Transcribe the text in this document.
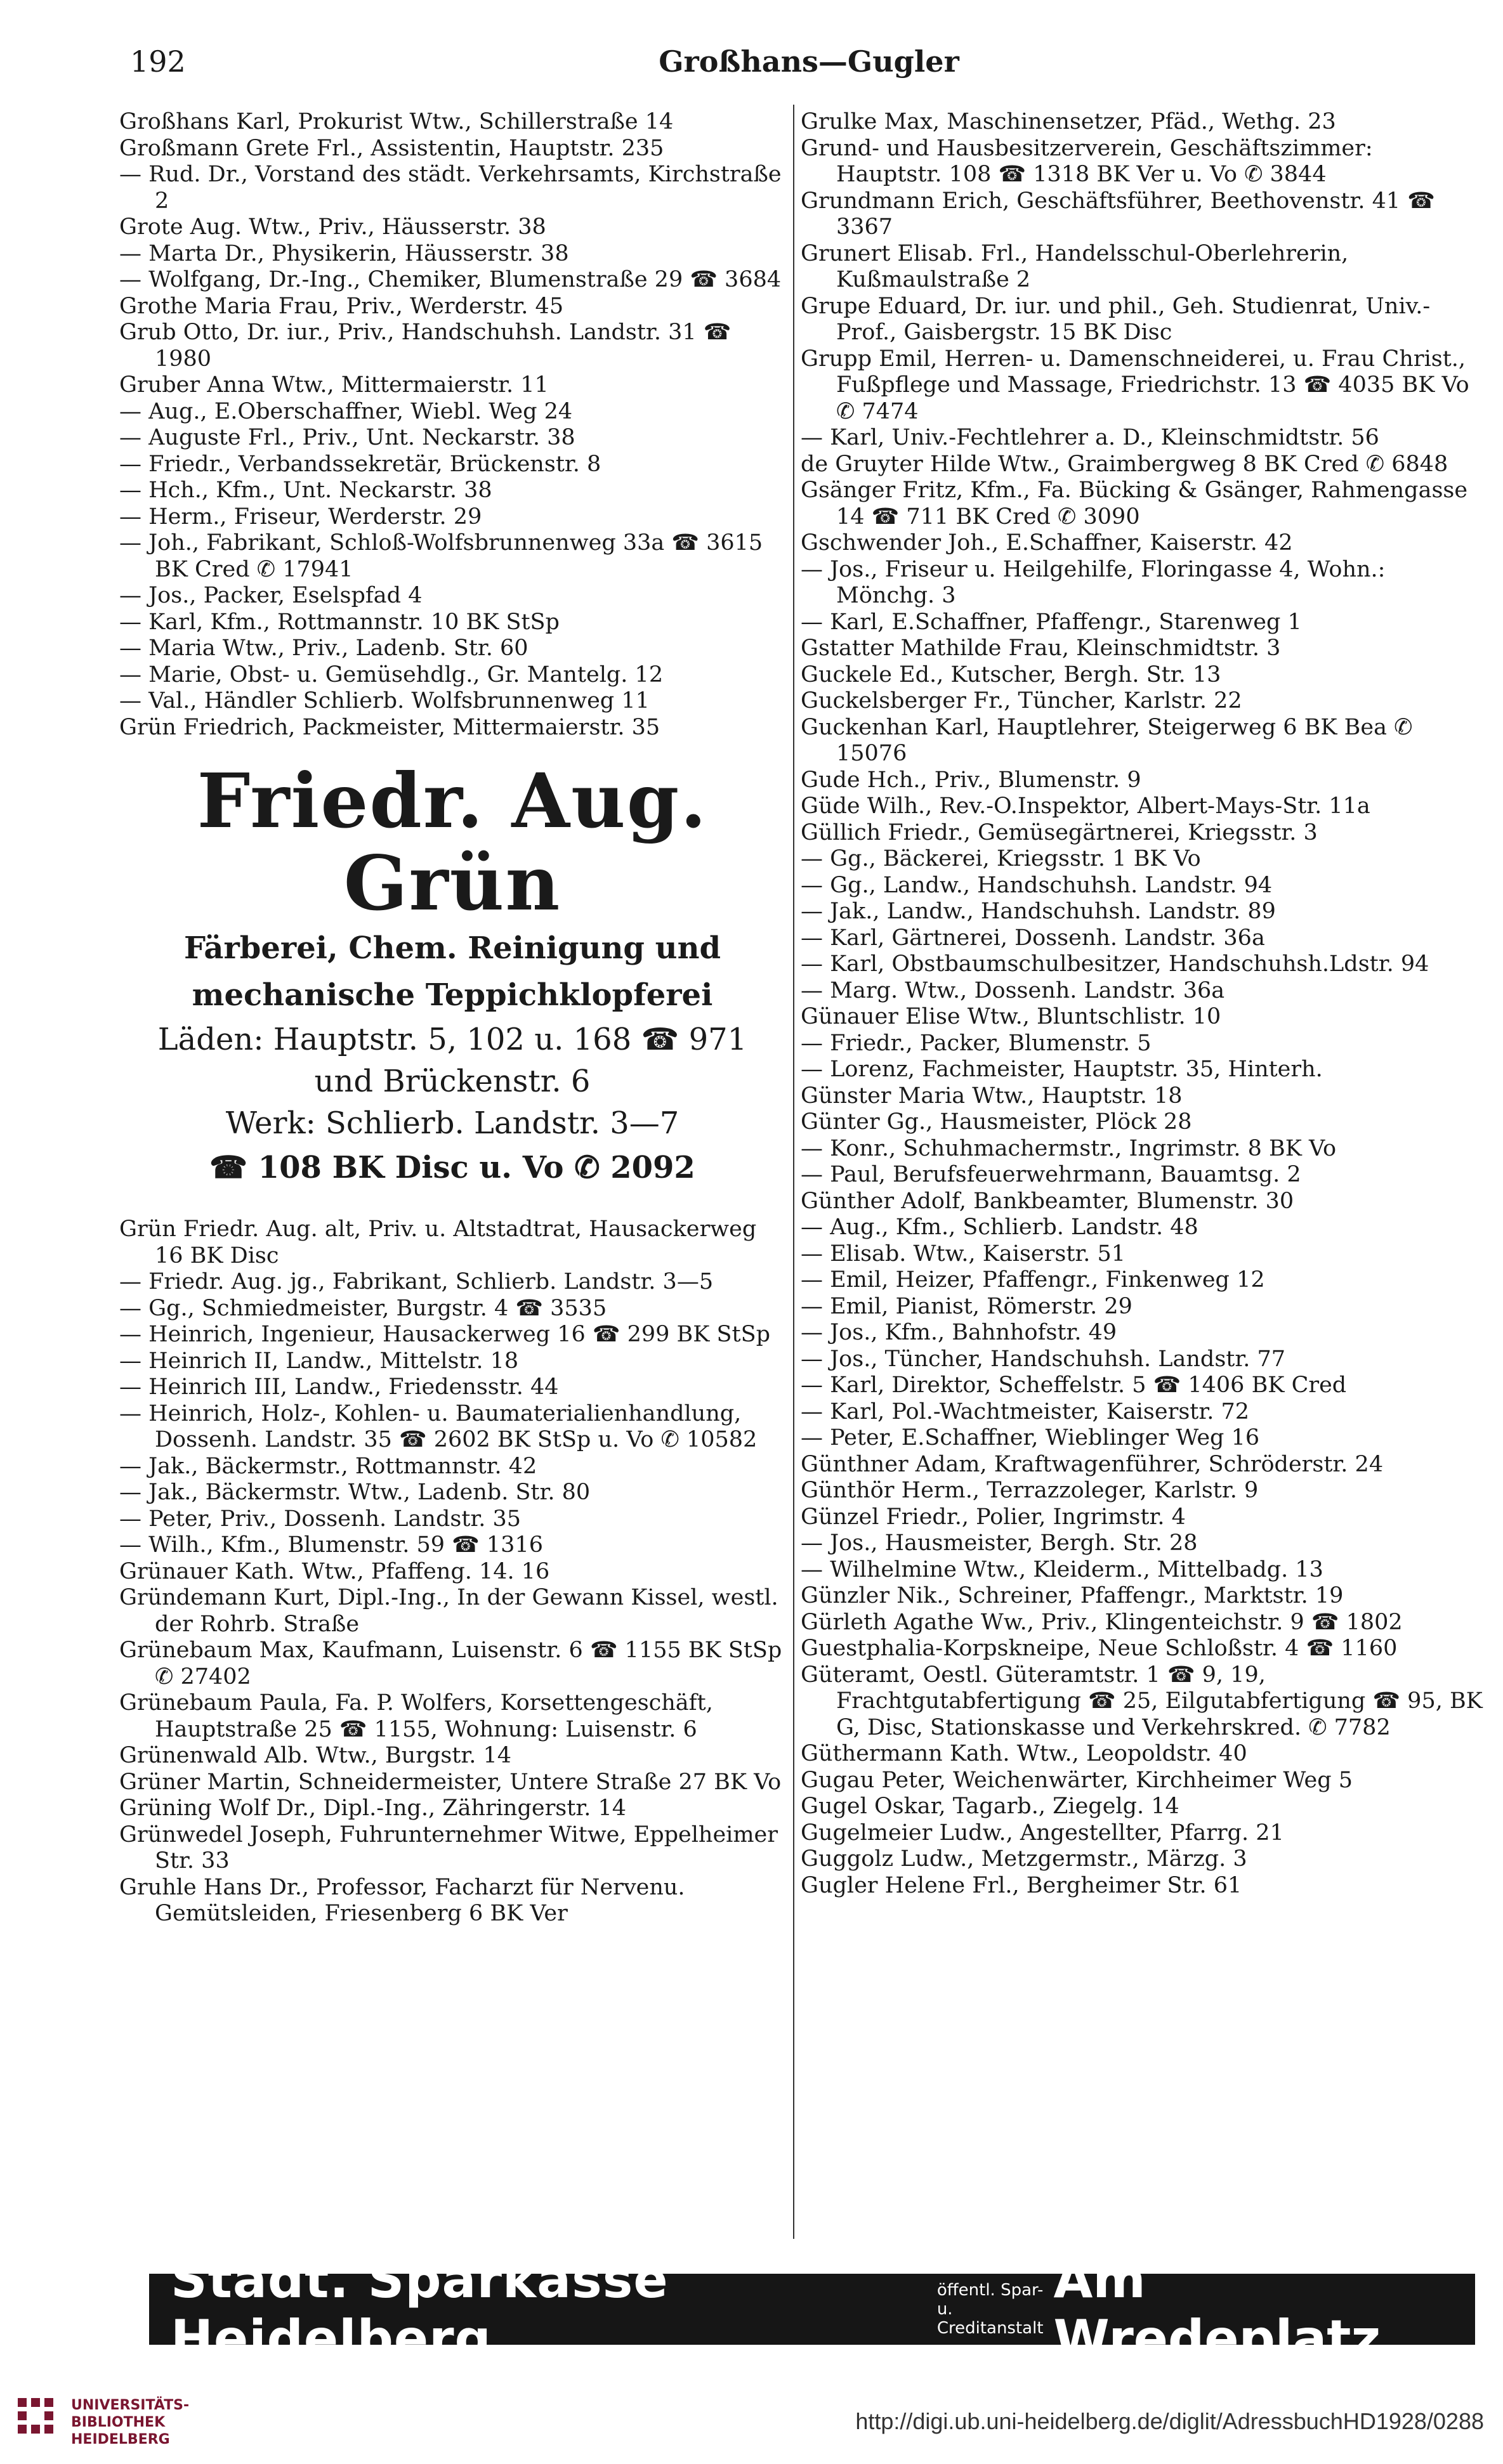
192	Großhans—Gugler
Großhans Karl, Prokurist Wtw., Schillerstraße 14
Großmann Grete Frl., Assistentin, Hauptstr. 235
— Rud. Dr., Vorstand des städt. Verkehrsamts, Kirchstraße 2
Grote Aug. Wtw., Priv., Häusserstr. 38
— Marta Dr., Physikerin, Häusserstr. 38
— Wolfgang, Dr.-Ing., Chemiker, Blumenstraße 29 ☎ 3684
Grothe Maria Frau, Priv., Werderstr. 45
Grub Otto, Dr. iur., Priv., Handschuhsh. Landstr. 31 ☎ 1980
Gruber Anna Wtw., Mittermaierstr. 11
— Aug., E.Oberschaffner, Wiebl. Weg 24
— Auguste Frl., Priv., Unt. Neckarstr. 38
— Friedr., Verbandssekretär, Brückenstr. 8
— Hch., Kfm., Unt. Neckarstr. 38
— Herm., Friseur, Werderstr. 29
— Joh., Fabrikant, Schloß-Wolfsbrunnenweg 33a ☎ 3615 BK Cred ✆ 17941
— Jos., Packer, Eselspfad 4
— Karl, Kfm., Rottmannstr. 10 BK StSp
— Maria Wtw., Priv., Ladenb. Str. 60
— Marie, Obst- u. Gemüsehdlg., Gr. Mantelg. 12
— Val., Händler Schlierb. Wolfsbrunnenweg 11
Grün Friedrich, Packmeister, Mittermaierstr. 35
Friedr. Aug. Grün
Färberei, Chem. Reinigung und
mechanische Teppichklopferei
Läden: Hauptstr. 5, 102 u. 168 ☎ 971
und Brückenstr. 6
Werk: Schlierb. Landstr. 3—7
☎ 108 BK Disc u. Vo ✆ 2092
Grün Friedr. Aug. alt, Priv. u. Altstadtrat, Hausackerweg 16 BK Disc
— Friedr. Aug. jg., Fabrikant, Schlierb. Landstr. 3—5
— Gg., Schmiedmeister, Burgstr. 4 ☎ 3535
— Heinrich, Ingenieur, Hausackerweg 16 ☎ 299 BK StSp
— Heinrich II, Landw., Mittelstr. 18
— Heinrich III, Landw., Friedensstr. 44
— Heinrich, Holz-, Kohlen- u. Baumaterialienhandlung, Dossenh. Landstr. 35 ☎ 2602 BK StSp u. Vo ✆ 10582
— Jak., Bäckermstr., Rottmannstr. 42
— Jak., Bäckermstr. Wtw., Ladenb. Str. 80
— Peter, Priv., Dossenh. Landstr. 35
— Wilh., Kfm., Blumenstr. 59 ☎ 1316
Grünauer Kath. Wtw., Pfaffeng. 14. 16
Gründemann Kurt, Dipl.-Ing., In der Gewann Kissel, westl. der Rohrb. Straße
Grünebaum Max, Kaufmann, Luisenstr. 6 ☎ 1155 BK StSp ✆ 27402
Grünebaum Paula, Fa. P. Wolfers, Korsettengeschäft, Hauptstraße 25 ☎ 1155, Wohnung: Luisenstr. 6
Grünenwald Alb. Wtw., Burgstr. 14
Grüner Martin, Schneidermeister, Untere Straße 27 BK Vo
Grüning Wolf Dr., Dipl.-Ing., Zähringerstr. 14
Grünwedel Joseph, Fuhrunternehmer Witwe, Eppelheimer Str. 33
Gruhle Hans Dr., Professor, Facharzt für Nervenu. Gemütsleiden, Friesenberg 6 BK Ver
Grulke Max, Maschinensetzer, Pfäd., Wethg. 23
Grund- und Hausbesitzerverein, Geschäftszimmer: Hauptstr. 108 ☎ 1318 BK Ver u. Vo ✆ 3844
Grundmann Erich, Geschäftsführer, Beethovenstr. 41 ☎ 3367
Grunert Elisab. Frl., Handelsschul-Oberlehrerin, Kußmaulstraße 2
Grupe Eduard, Dr. iur. und phil., Geh. Studienrat, Univ.-Prof., Gaisbergstr. 15 BK Disc
Grupp Emil, Herren- u. Damenschneiderei, u. Frau Christ., Fußpflege und Massage, Friedrichstr. 13 ☎ 4035 BK Vo ✆ 7474
— Karl, Univ.-Fechtlehrer a. D., Kleinschmidtstr. 56
de Gruyter Hilde Wtw., Graimbergweg 8 BK Cred ✆ 6848
Gsänger Fritz, Kfm., Fa. Bücking & Gsänger, Rahmengasse 14 ☎ 711 BK Cred ✆ 3090
Gschwender Joh., E.Schaffner, Kaiserstr. 42
— Jos., Friseur u. Heilgehilfe, Floringasse 4, Wohn.: Mönchg. 3
— Karl, E.Schaffner, Pfaffengr., Starenweg 1
Gstatter Mathilde Frau, Kleinschmidtstr. 3
Guckele Ed., Kutscher, Bergh. Str. 13
Guckelsberger Fr., Tüncher, Karlstr. 22
Guckenhan Karl, Hauptlehrer, Steigerweg 6 BK Bea ✆ 15076
Gude Hch., Priv., Blumenstr. 9
Güde Wilh., Rev.-O.Inspektor, Albert-Mays-Str. 11a
Güllich Friedr., Gemüsegärtnerei, Kriegsstr. 3
— Gg., Bäckerei, Kriegsstr. 1 BK Vo
— Gg., Landw., Handschuhsh. Landstr. 94
— Jak., Landw., Handschuhsh. Landstr. 89
— Karl, Gärtnerei, Dossenh. Landstr. 36a
— Karl, Obstbaumschulbesitzer, Handschuhsh.Ldstr. 94
— Marg. Wtw., Dossenh. Landstr. 36a
Günauer Elise Wtw., Bluntschlistr. 10
— Friedr., Packer, Blumenstr. 5
— Lorenz, Fachmeister, Hauptstr. 35, Hinterh.
Günster Maria Wtw., Hauptstr. 18
Günter Gg., Hausmeister, Plöck 28
— Konr., Schuhmachermstr., Ingrimstr. 8 BK Vo
— Paul, Berufsfeuerwehrmann, Bauamtsg. 2
Günther Adolf, Bankbeamter, Blumenstr. 30
— Aug., Kfm., Schlierb. Landstr. 48
— Elisab. Wtw., Kaiserstr. 51
— Emil, Heizer, Pfaffengr., Finkenweg 12
— Emil, Pianist, Römerstr. 29
— Jos., Kfm., Bahnhofstr. 49
— Jos., Tüncher, Handschuhsh. Landstr. 77
— Karl, Direktor, Scheffelstr. 5 ☎ 1406 BK Cred
— Karl, Pol.-Wachtmeister, Kaiserstr. 72
— Peter, E.Schaffner, Wieblinger Weg 16
Günthner Adam, Kraftwagenführer, Schröderstr. 24
Günthör Herm., Terrazzoleger, Karlstr. 9
Günzel Friedr., Polier, Ingrimstr. 4
— Jos., Hausmeister, Bergh. Str. 28
— Wilhelmine Wtw., Kleiderm., Mittelbadg. 13
Günzler Nik., Schreiner, Pfaffengr., Marktstr. 19
Gürleth Agathe Ww., Priv., Klingenteichstr. 9 ☎ 1802
Guestphalia-Korpskneipe, Neue Schloßstr. 4 ☎ 1160
Güteramt, Oestl. Güteramtstr. 1 ☎ 9, 19, Frachtgutabfertigung ☎ 25, Eilgutabfertigung ☎ 95, BK G, Disc, Stationskasse und Verkehrskred. ✆ 7782
Güthermann Kath. Wtw., Leopoldstr. 40
Gugau Peter, Weichenwärter, Kirchheimer Weg 5
Gugel Oskar, Tagarb., Ziegelg. 14
Gugelmeier Ludw., Angestellter, Pfarrg. 21
Guggolz Ludw., Metzgermstr., Märzg. 3
Gugler Helene Frl., Bergheimer Str. 61
Städt. Sparkasse Heidelberg
öffentl. Spar- u.
Creditanstalt
Am Wredeplatz
UNIVERSITÄTS-
BIBLIOTHEK
HEIDELBERG
http://digi.ub.uni-heidelberg.de/diglit/AdressbuchHD1928/0288
